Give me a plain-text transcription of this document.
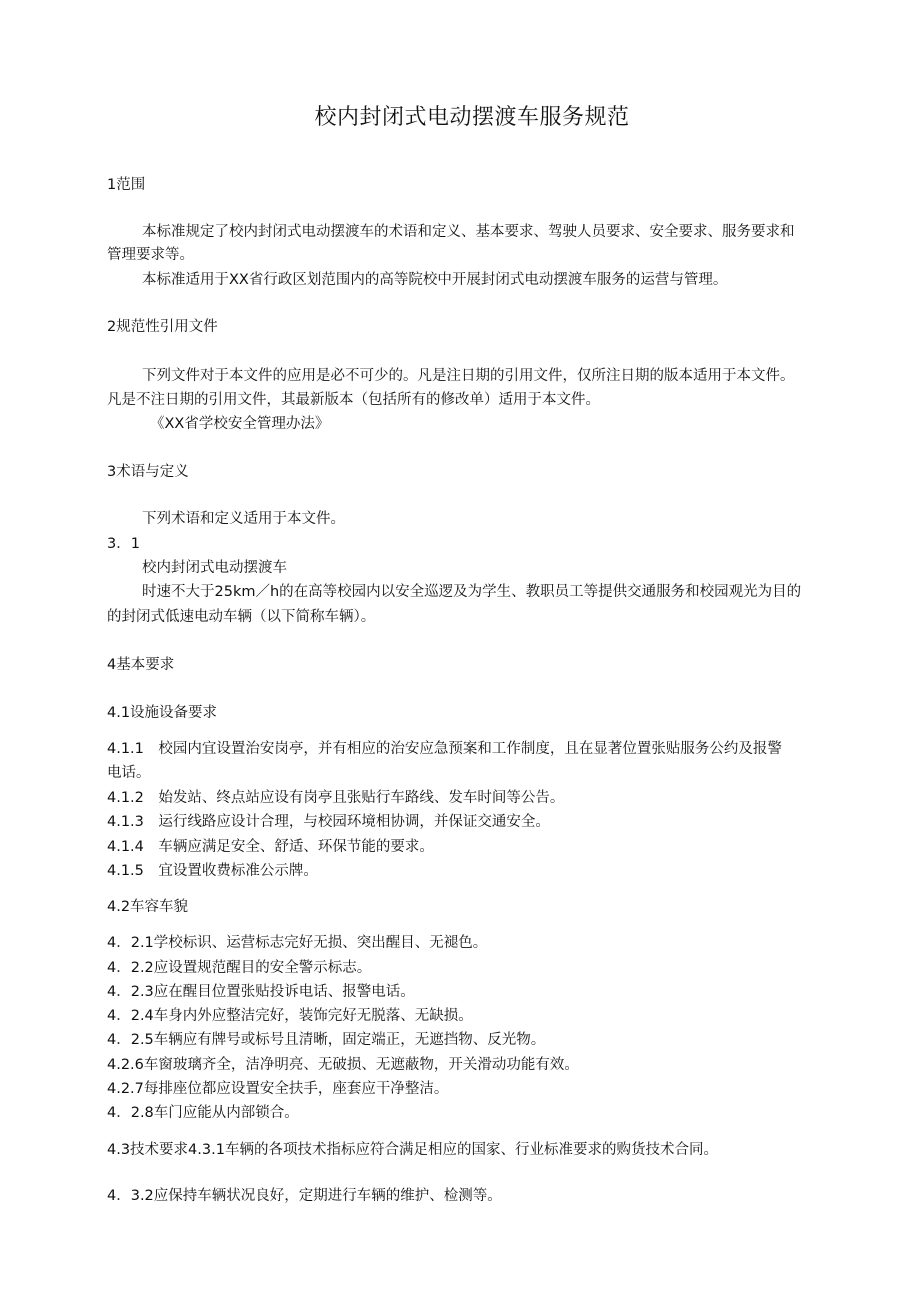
校内封闭式电动摆渡车服务规范
1范围
本标准规定了校内封闭式电动摆渡车的术语和定义、基本要求、驾驶人员要求、安全要求、服务要求和
管理要求等。
本标准适用于XX省行政区划范围内的高等院校中开展封闭式电动摆渡车服务的运营与管理。
2规范性引用文件
下列文件对于本文件的应用是必不可少的。凡是注日期的引用文件，仅所注日期的版本适用于本文件。
凡是不注日期的引用文件，其最新版本（包括所有的修改单）适用于本文件。
《XX省学校安全管理办法》
3术语与定义
下列术语和定义适用于本文件。
3．1
校内封闭式电动摆渡车
时速不大于25km／h的在高等校园内以安全巡逻及为学生、教职员工等提供交通服务和校园观光为目的
的封闭式低速电动车辆（以下简称车辆）。
4基本要求
4.1设施设备要求
4.1.1　校园内宜设置治安岗亭，并有相应的治安应急预案和工作制度，且在显著位置张贴服务公约及报警
电话。
4.1.2　始发站、终点站应设有岗亭且张贴行车路线、发车时间等公告。
4.1.3　运行线路应设计合理，与校园环境相协调，并保证交通安全。
4.1.4　车辆应满足安全、舒适、环保节能的要求。
4.1.5　宜设置收费标准公示牌。
4.2车容车貌
4．2.1学校标识、运营标志完好无损、突出醒目、无褪色。
4．2.2应设置规范醒目的安全警示标志。
4．2.3应在醒目位置张贴投诉电话、报警电话。
4．2.4车身内外应整洁完好，装饰完好无脱落、无缺损。
4．2.5车辆应有牌号或标号且清晰，固定端正，无遮挡物、反光物。
4.2.6车窗玻璃齐全，洁净明亮、无破损、无遮蔽物，开关滑动功能有效。
4.2.7每排座位都应设置安全扶手，座套应干净整洁。
4．2.8车门应能从内部锁合。
4.3技术要求4.3.1车辆的各项技术指标应符合满足相应的国家、行业标准要求的购货技术合同。
4．3.2应保持车辆状况良好，定期进行车辆的维护、检测等。
